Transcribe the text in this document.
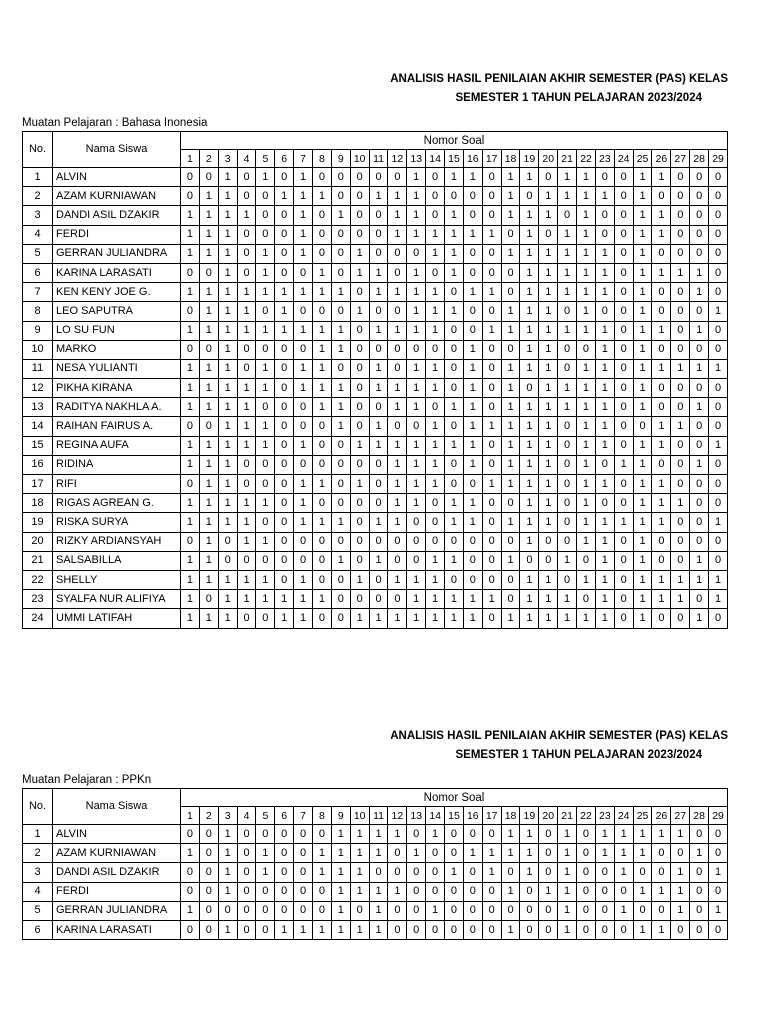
ANALISIS HASIL PENILAIAN AKHIR SEMESTER (PAS) KELAS
SEMESTER 1 TAHUN PELAJARAN 2023/2024
Muatan Pelajaran : Bahasa Inonesia
No.	Nama Siswa	Nomor Soal																												
		1	2	3	4	5	6	7	8	9	10	11	12	13	14	15	16	17	18	19	20	21	22	23	24	25	26	27	28	29
1	ALVIN	0	0	1	0	1	0	1	0	0	0	0	0	1	0	1	1	0	1	1	0	1	1	0	0	1	1	0	0	0
2	AZAM KURNIAWAN	0	1	1	0	0	1	1	1	0	0	1	1	1	0	0	0	0	1	0	1	1	1	1	0	1	0	0	0	0
3	DANDI ASIL DZAKIR	1	1	1	1	0	0	1	0	1	0	0	1	1	0	1	0	0	1	1	1	0	1	0	0	1	1	0	0	0
4	FERDI	1	1	1	0	0	0	1	0	0	0	0	1	1	1	1	1	1	0	1	0	1	1	0	0	1	1	0	0	0
5	GERRAN JULIANDRA	1	1	1	0	1	0	1	0	0	1	0	0	0	1	1	0	0	1	1	1	1	1	1	0	1	0	0	0	0
6	KARINA LARASATI	0	0	1	0	1	0	0	1	0	1	1	0	1	0	1	0	0	0	1	1	1	1	1	0	1	1	1	1	0
7	KEN KENY JOE G.	1	1	1	1	1	1	1	1	1	0	1	1	1	1	0	1	1	0	1	1	1	1	1	0	1	0	0	1	0
8	LEO SAPUTRA	0	1	1	1	0	1	0	0	0	1	0	0	1	1	1	0	0	1	1	1	0	1	0	0	1	0	0	0	1
9	LO SU FUN	1	1	1	1	1	1	1	1	1	0	1	1	1	1	0	0	1	1	1	1	1	1	1	0	1	1	0	1	0
10	MARKO	0	0	1	0	0	0	0	1	1	0	0	0	0	0	0	1	0	0	1	1	0	0	1	0	1	0	0	0	0
11	NESA YULIANTI	1	1	1	0	1	0	1	1	0	0	1	0	1	1	0	1	0	1	1	1	0	1	1	0	1	1	1	1	1
12	PIKHA KIRANA	1	1	1	1	1	0	1	1	1	0	1	1	1	1	0	1	0	1	0	1	1	1	1	0	1	0	0	0	0
13	RADITYA NAKHLA A.	1	1	1	1	0	0	0	1	1	0	0	1	1	0	1	1	0	1	1	1	1	1	1	0	1	0	0	1	0
14	RAIHAN FAIRUS A.	0	0	1	1	1	0	0	0	1	0	1	0	0	1	0	1	1	1	1	1	0	1	1	0	0	1	1	0	0
15	REGINA AUFA	1	1	1	1	1	0	1	0	0	1	1	1	1	1	1	1	0	1	1	1	0	1	1	0	1	1	0	0	1
16	RIDINA	1	1	1	0	0	0	0	0	0	0	0	1	1	1	0	1	0	1	1	1	0	1	0	1	1	0	0	1	0
17	RIFI	0	1	1	0	0	0	1	1	0	1	0	1	1	1	0	0	1	1	1	1	0	1	1	0	1	1	0	0	0
18	RIGAS AGREAN G.	1	1	1	1	1	0	1	0	0	0	0	1	1	0	1	1	0	0	1	1	0	1	0	0	1	1	1	0	0
19	RISKA SURYA	1	1	1	1	0	0	1	1	1	0	1	1	0	0	1	1	0	1	1	1	0	1	1	1	1	1	0	0	1
20	RIZKY ARDIANSYAH	0	1	0	1	1	0	0	0	0	0	0	0	0	0	0	0	0	0	1	0	0	1	1	0	1	0	0	0	0
21	SALSABILLA	1	1	0	0	0	0	0	0	1	0	1	0	0	1	1	0	0	1	0	0	1	0	1	0	1	0	0	1	0
22	SHELLY	1	1	1	1	1	0	1	0	0	1	0	1	1	1	0	0	0	0	1	1	0	1	1	0	1	1	1	1	1
23	SYALFA NUR ALIFIYA	1	0	1	1	1	1	1	1	0	0	0	0	1	1	1	1	1	0	1	1	1	0	1	0	1	1	1	0	1
24	UMMI LATIFAH	1	1	1	0	0	1	1	0	0	1	1	1	1	1	1	1	0	1	1	1	1	1	1	0	1	0	0	1	0
ANALISIS HASIL PENILAIAN AKHIR SEMESTER (PAS) KELAS
SEMESTER 1 TAHUN PELAJARAN 2023/2024
Muatan Pelajaran : PPKn
No.	Nama Siswa	Nomor Soal																												
		1	2	3	4	5	6	7	8	9	10	11	12	13	14	15	16	17	18	19	20	21	22	23	24	25	26	27	28	29
1	ALVIN	0	0	1	0	0	0	0	0	1	1	1	1	0	1	0	0	0	1	1	0	1	0	1	1	1	1	1	0	0
2	AZAM KURNIAWAN	1	0	1	0	1	0	0	1	1	1	1	0	1	0	0	1	1	1	1	0	1	0	1	1	1	0	0	1	0
3	DANDI ASIL DZAKIR	0	0	1	0	1	0	0	1	1	1	0	0	0	0	1	0	1	0	1	0	1	0	0	1	0	0	1	0	1
4	FERDI	0	0	1	0	0	0	0	0	1	1	1	1	0	0	0	0	0	1	0	1	1	0	0	0	1	1	1	0	0
5	GERRAN JULIANDRA	1	0	0	0	0	0	0	0	1	0	1	0	0	1	0	0	0	0	0	0	1	0	0	1	0	0	1	0	1
6	KARINA LARASATI	0	0	1	0	0	1	1	1	1	1	1	0	0	0	0	0	0	1	0	0	1	0	0	0	1	1	0	0	0
